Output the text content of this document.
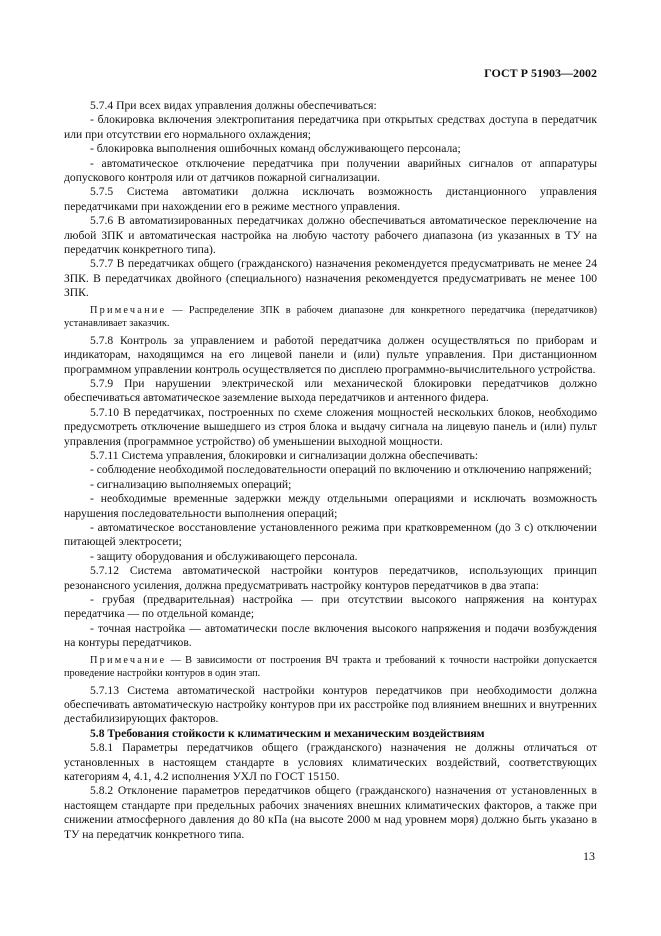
ГОСТ Р 51903—2002

5.7.4 При всех видах управления должны обеспечиваться:

- блокировка включения электропитания передатчика при открытых средствах доступа в передатчик или при отсутствии его нормального охлаждения;

- блокировка выполнения ошибочных команд обслуживающего персонала;

- автоматическое отключение передатчика при получении аварийных сигналов от аппаратуры допускового контроля или от датчиков пожарной сигнализации.

5.7.5 Система автоматики должна исключать возможность дистанционного управления передатчиками при нахождении его в режиме местного управления.

5.7.6 В автоматизированных передатчиках должно обеспечиваться автоматическое переключение на любой ЗПК и автоматическая настройка на любую частоту рабочего диапазона (из указанных в ТУ на передатчик конкретного типа).

5.7.7 В передатчиках общего (гражданского) назначения рекомендуется предусматривать не менее 24 ЗПК. В передатчиках двойного (специального) назначения рекомендуется предусматривать не менее 100 ЗПК.

Примечание — Распределение ЗПК в рабочем диапазоне для конкретного передатчика (передатчиков) устанавливает заказчик.

5.7.8 Контроль за управлением и работой передатчика должен осуществляться по приборам и индикаторам, находящимся на его лицевой панели и (или) пульте управления. При дистанционном программном управлении контроль осуществляется по дисплею программно-вычислительного устройства.

5.7.9 При нарушении электрической или механической блокировки передатчиков должно обеспечиваться автоматическое заземление выхода передатчиков и антенного фидера.

5.7.10 В передатчиках, построенных по схеме сложения мощностей нескольких блоков, необходимо предусмотреть отключение вышедшего из строя блока и выдачу сигнала на лицевую панель и (или) пульт управления (программное устройство) об уменьшении выходной мощности.

5.7.11 Система управления, блокировки и сигнализации должна обеспечивать:

- соблюдение необходимой последовательности операций по включению и отключению напряжений;

- сигнализацию выполняемых операций;

- необходимые временные задержки между отдельными операциями и исключать возможность нарушения последовательности выполнения операций;

- автоматическое восстановление установленного режима при кратковременном (до 3 с) отключении питающей электросети;

- защиту оборудования и обслуживающего персонала.

5.7.12 Система автоматической настройки контуров передатчиков, использующих принцип резонансного усиления, должна предусматривать настройку контуров передатчиков в два этапа:

- грубая (предварительная) настройка — при отсутствии высокого напряжения на контурах передатчика — по отдельной команде;

- точная настройка — автоматически после включения высокого напряжения и подачи возбуждения на контуры передатчиков.

Примечание — В зависимости от построения ВЧ тракта и требований к точности настройки допускается проведение настройки контуров в один этап.

5.7.13 Система автоматической настройки контуров передатчиков при необходимости должна обеспечивать автоматическую настройку контуров при их расстройке под влиянием внешних и внутренних дестабилизирующих факторов.

5.8 Требования стойкости к климатическим и механическим воздействиям

5.8.1 Параметры передатчиков общего (гражданского) назначения не должны отличаться от установленных в настоящем стандарте в условиях климатических воздействий, соответствующих категориям 4, 4.1, 4.2 исполнения УХЛ по ГОСТ 15150.

5.8.2 Отклонение параметров передатчиков общего (гражданского) назначения от установленных в настоящем стандарте при предельных рабочих значениях внешних климатических факторов, а также при снижении атмосферного давления до 80 кПа (на высоте 2000 м над уровнем моря) должно быть указано в ТУ на передатчик конкретного типа.

13
